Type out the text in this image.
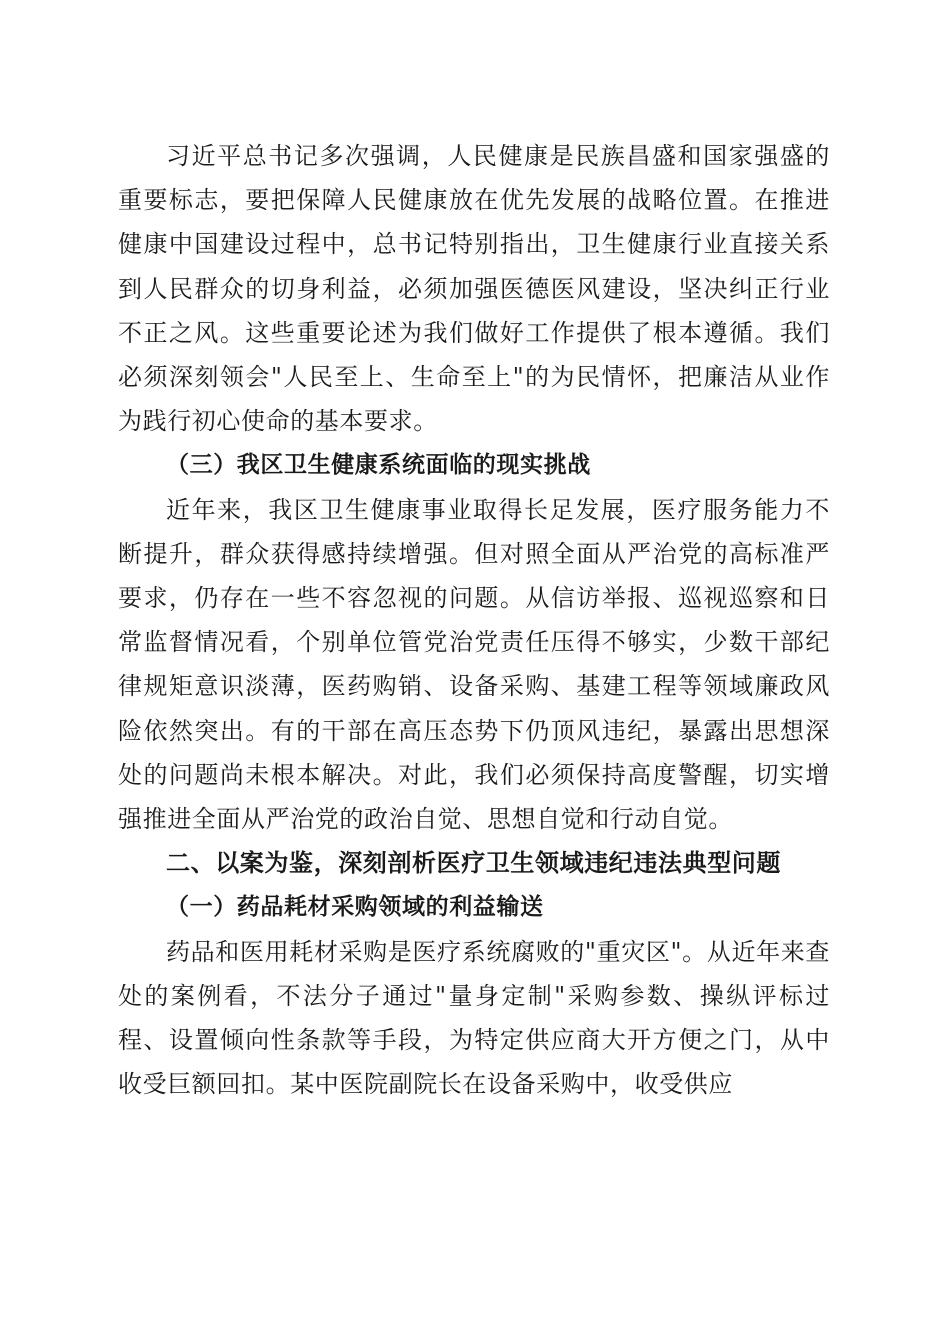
习近平总书记多次强调，人民健康是民族昌盛和国家强盛的重要标志，要把保障人民健康放在优先发展的战略位置。在推进健康中国建设过程中，总书记特别指出，卫生健康行业直接关系到人民群众的切身利益，必须加强医德医风建设，坚决纠正行业不正之风。这些重要论述为我们做好工作提供了根本遵循。我们必须深刻领会"人民至上、生命至上"的为民情怀，把廉洁从业作为践行初心使命的基本要求。

（三）我区卫生健康系统面临的现实挑战

近年来，我区卫生健康事业取得长足发展，医疗服务能力不断提升，群众获得感持续增强。但对照全面从严治党的高标准严要求，仍存在一些不容忽视的问题。从信访举报、巡视巡察和日常监督情况看，个别单位管党治党责任压得不够实，少数干部纪律规矩意识淡薄，医药购销、设备采购、基建工程等领域廉政风险依然突出。有的干部在高压态势下仍顶风违纪，暴露出思想深处的问题尚未根本解决。对此，我们必须保持高度警醒，切实增强推进全面从严治党的政治自觉、思想自觉和行动自觉。

二、以案为鉴，深刻剖析医疗卫生领域违纪违法典型问题

（一）药品耗材采购领域的利益输送

药品和医用耗材采购是医疗系统腐败的"重灾区"。从近年来查处的案例看，不法分子通过"量身定制"采购参数、操纵评标过程、设置倾向性条款等手段，为特定供应商大开方便之门，从中收受巨额回扣。某中医院副院长在设备采购中，收受供应
